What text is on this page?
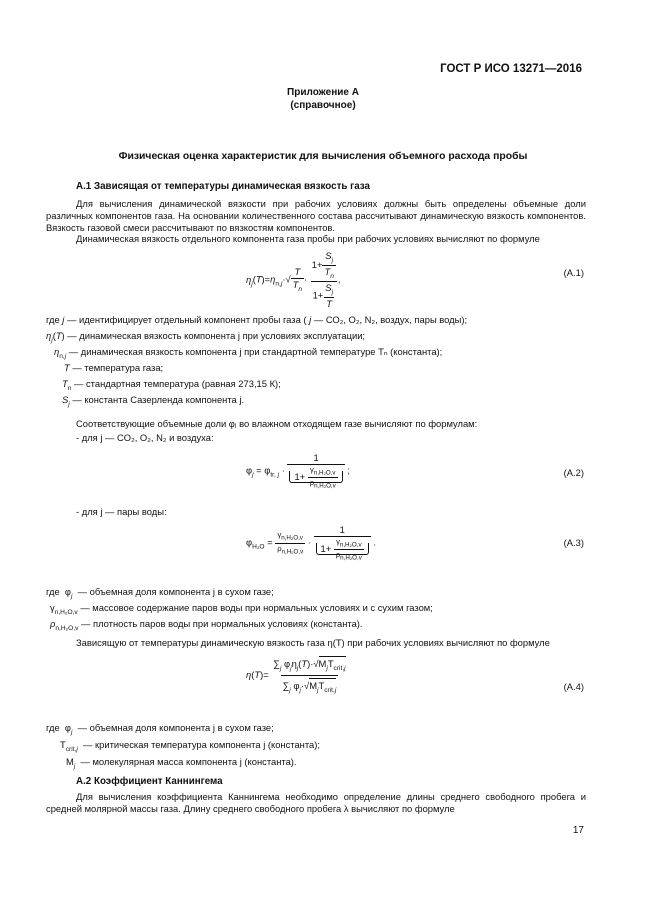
ГОСТ Р ИСО 13271—2016
Приложение А
(справочное)
Физическая оценка характеристик для вычисления объемного расхода пробы
А.1 Зависящая от температуры динамическая вязкость газа
Для вычисления динамической вязкости при рабочих условиях должны быть определены объемные доли различных компонентов газа. На основании количественного состава рассчитывают динамическую вязкость компонентов. Вязкость газовой смеси рассчитывают по вязкостям компонентов.
Динамическая вязкость отдельного компонента газа пробы при рабочих условиях вычисляют по формуле
$\eta_j(T)=\eta_{n,j}\cdot√ \frac{T}{T_n} \cdot \frac{1+ \frac{S_j}{T_n}}{1+ \frac{S_j}{T}}$ ,
(А.1)
где j — идентифицирует отдельный компонент пробы газа ( j — СО₂, О₂, N₂, воздух, пары воды);
$\eta_j(T)$ — динамическая вязкость компонента j при условиях эксплуатации;
$\eta_{n,j}$ — динамическая вязкость компонента j при стандартной температуре Tₙ (константа);
T — температура газа;
$T_n$ — стандартная температура (равная 273,15 К);
$S_j$ — константа Сазерленда компонента j.
Соответствующие объемные доли φⱼ во влажном отходящем газе вычисляют по формулам:
- для j — CO₂, O₂, N₂ и воздуха:
$\varphi_j = \varphi_{tr, j} \cdot \frac{1}{1+ \frac{\gamma_{n,H_2O,v}}{\rho_{n,H_2O,v}}}$ ;	(А.2)
- для j — пары воды:
$\varphi_{H_2O} = \frac{\gamma_{n,H_2O,v}}{\rho_{n,H_2O,v}} \cdot \frac{1}{1+ \frac{\gamma_{n,H_2O,v}}{\rho_{n,H_2O,v}}}$ .	(А.3)
где  $\varphi_j$ — объемная доля компонента j в сухом газе;
$\gamma_{n,H_2O,v}$ — массовое содержание паров воды при нормальных условиях и с сухим газом;
$\rho_{n,H_2O,v}$ — плотность паров воды при нормальных условиях (константа).
Зависящую от температуры динамическую вязкость газа η(T) при рабочих условиях вычисляют по формуле
$\eta(T)= \frac{\sum_j \varphi_j\eta_j(T)\cdot√M_jT_{crit,j}}{\sum_j \varphi_j\cdot√M_jT_{crit,j}}$	(А.4)
где  $\varphi_j$ — объемная доля компонента j в сухом газе;
$T_{crit,j}$ — критическая температура компонента j (константа);
$M_j$ — молекулярная масса компонента j (константа).
А.2 Коэффициент Каннингема
Для вычисления коэффициента Каннингема необходимо определение длины среднего свободного пробега и средней молярной массы газа. Длину среднего свободного пробега λ вычисляют по формуле
17
